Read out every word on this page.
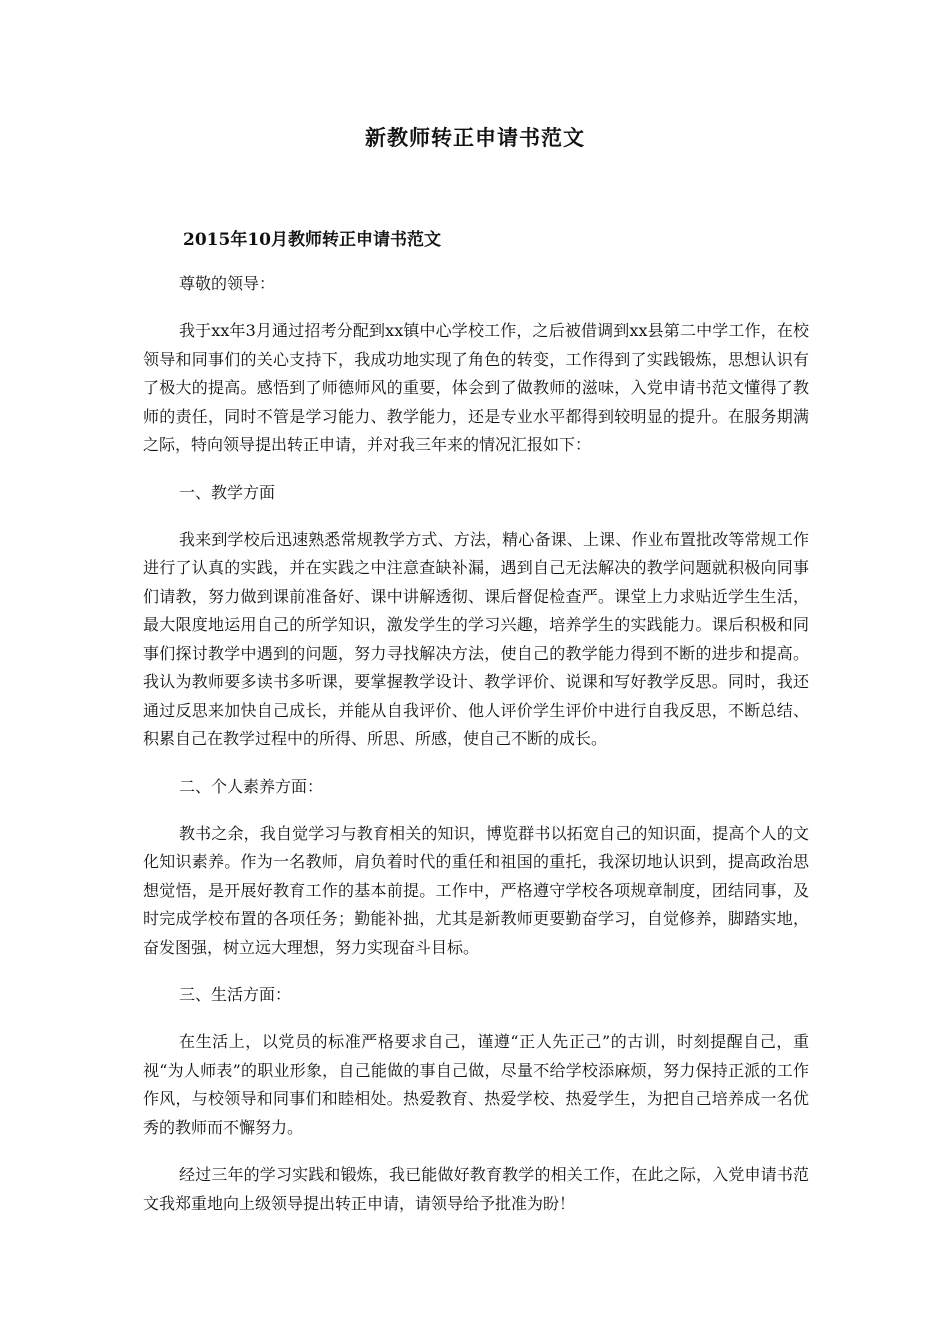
新教师转正申请书范文

2015年10月教师转正申请书范文

尊敬的领导：

我于xx年3月通过招考分配到xx镇中心学校工作，之后被借调到xx县第二中学工作，在校领导和同事们的关心支持下，我成功地实现了角色的转变，工作得到了实践锻炼，思想认识有了极大的提高。感悟到了师德师风的重要，体会到了做教师的滋味，入党申请书范文懂得了教师的责任，同时不管是学习能力、教学能力，还是专业水平都得到较明显的提升。在服务期满之际，特向领导提出转正申请，并对我三年来的情况汇报如下：

一、教学方面

我来到学校后迅速熟悉常规教学方式、方法，精心备课、上课、作业布置批改等常规工作进行了认真的实践，并在实践之中注意查缺补漏，遇到自己无法解决的教学问题就积极向同事们请教，努力做到课前准备好、课中讲解透彻、课后督促检查严。课堂上力求贴近学生生活，最大限度地运用自己的所学知识，激发学生的学习兴趣，培养学生的实践能力。课后积极和同事们探讨教学中遇到的问题，努力寻找解决方法，使自己的教学能力得到不断的进步和提高。我认为教师要多读书多听课，要掌握教学设计、教学评价、说课和写好教学反思。同时，我还通过反思来加快自己成长，并能从自我评价、他人评价学生评价中进行自我反思，不断总结、积累自己在教学过程中的所得、所思、所感，使自己不断的成长。

二、个人素养方面：

教书之余，我自觉学习与教育相关的知识，博览群书以拓宽自己的知识面，提高个人的文化知识素养。作为一名教师，肩负着时代的重任和祖国的重托，我深切地认识到，提高政治思想觉悟，是开展好教育工作的基本前提。工作中，严格遵守学校各项规章制度，团结同事，及时完成学校布置的各项任务；勤能补拙，尤其是新教师更要勤奋学习，自觉修养，脚踏实地，奋发图强，树立远大理想，努力实现奋斗目标。

三、生活方面：

在生活上，以党员的标准严格要求自己，谨遵“正人先正己”的古训，时刻提醒自己，重视“为人师表”的职业形象，自己能做的事自己做，尽量不给学校添麻烦，努力保持正派的工作作风，与校领导和同事们和睦相处。热爱教育、热爱学校、热爱学生，为把自己培养成一名优秀的教师而不懈努力。

经过三年的学习实践和锻炼，我已能做好教育教学的相关工作，在此之际，入党申请书范文我郑重地向上级领导提出转正申请，请领导给予批准为盼！
